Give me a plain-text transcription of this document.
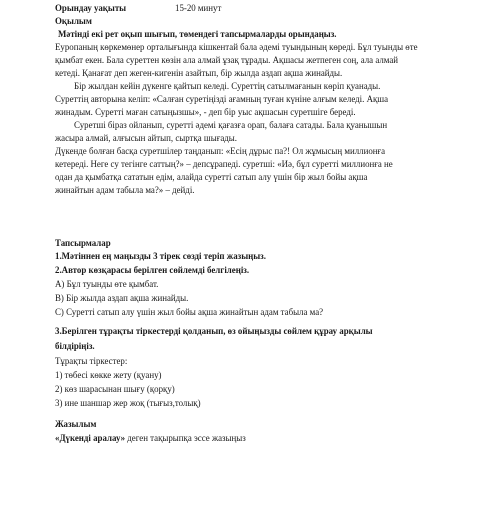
Орындау уақыты	15-20 минут
Оқылым
Мәтінді екі рет оқып шығып, төмендегі тапсырмаларды орындаңыз.
Еуропаның көркемөнер орталығында кішкентай бала әдемі туындының көреді. Бұл туынды өте
қымбат екен. Бала суреттен көзін ала алмай ұзақ тұрады. Ақшасы жетпеген соң, ала алмай
кетеді. Қанағат деп жеген-кигенін азайтып, бір жылда аздап ақша жинайды.
Бір жылдан кейін дүкенге қайтып келеді. Суреттің сатылмағанын көріп қуанады.
Суреттің авторына келіп: «Салған суретіңізді ағамның туған күніне алғым келеді. Ақша
жинадым. Суретті маған сатыңызшы», - деп бір уыс ақшасын суретшіге береді.
Суретші біраз ойланып, суретті әдемі қағазға орап, балаға сатады. Бала қуанышын
жасыра алмай, алғысын айтып, сыртқа шығады.
Дүкенде болған басқа суретшілер таңданып: «Есің дұрыс па?! Ол жұмысың миллионға
кетереді. Неге су тегінге саттың?» – депсұрапеді. суретші: «Иә, бұл суретті миллионға не
одан да қымбатқа сататын едім, алайда суретті сатып алу үшін бір жыл бойы ақша
жинайтын адам табыла ма?» – дейді.
Тапсырмалар
1.Мәтіннен ең маңызды 3 тірек сөзді теріп жазыңыз.
2.Автор көзқарасы берілген сөйлемді белгілеңіз.
А) Бұл туынды өте қымбат.
В) Бір жылда аздап ақша жинайды.
С) Суретті сатып алу үшін жыл бойы ақша жинайтын адам табыла ма?
3.Берілген тұрақты тіркестерді қолданып, өз ойыңызды сөйлем құрау арқылы
білдіріңіз.
Тұрақты тіркестер:
1) төбесі көкке жету (қуану)
2) көз шарасынан шығу (қорқу)
3) ине шаншар жер жоқ (тығыз,толық)
Жазылым
«Дүкенді аралау» деген тақырыпқа эссе жазыңыз
